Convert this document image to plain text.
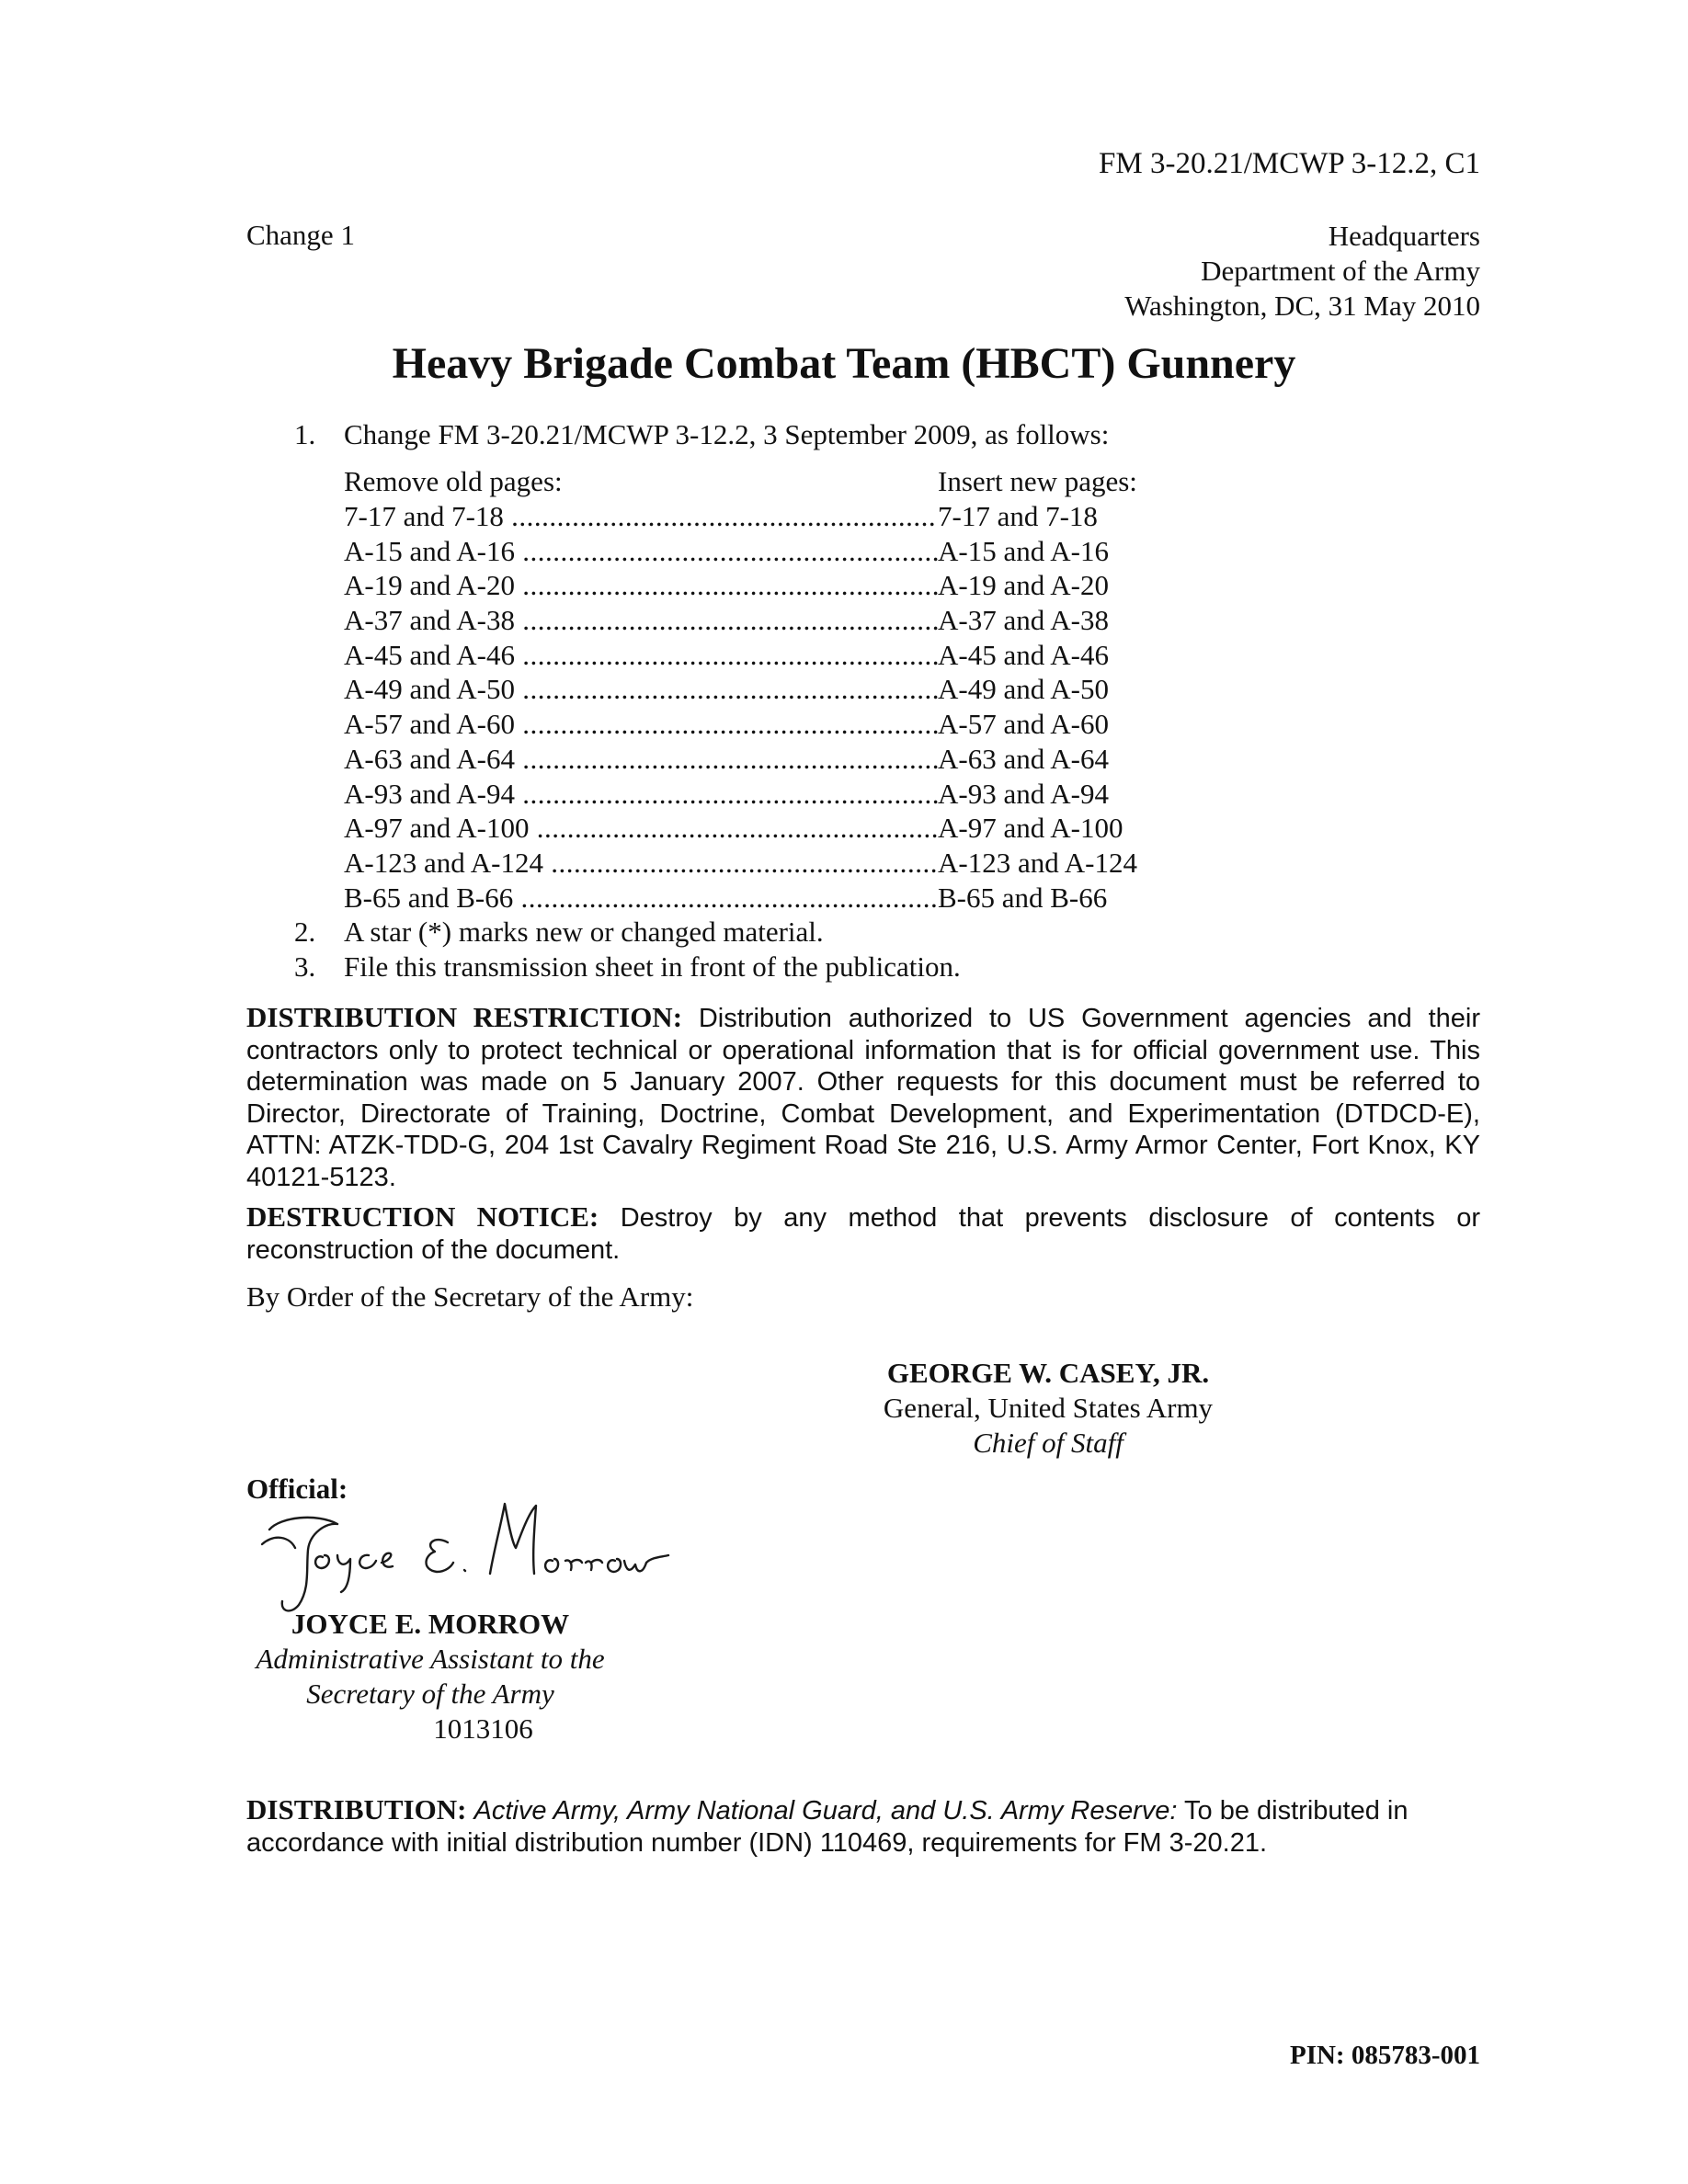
FM 3-20.21/MCWP 3-12.2, C1
Change 1	Headquarters
Department of the Army
Washington, DC, 31 May 2010
Heavy Brigade Combat Team (HBCT) Gunnery
1. Change FM 3-20.21/MCWP 3-12.2, 3 September 2009, as follows:
Remove old pages:	Insert new pages:
7-17 and 7-18 .....	7-17 and 7-18
A-15 and A-16 .....	A-15 and A-16
A-19 and A-20 .....	A-19 and A-20
A-37 and A-38 .....	A-37 and A-38
A-45 and A-46 .....	A-45 and A-46
A-49 and A-50 .....	A-49 and A-50
A-57 and A-60 .....	A-57 and A-60
A-63 and A-64 .....	A-63 and A-64
A-93 and A-94 .....	A-93 and A-94
A-97 and A-100 .....	A-97 and A-100
A-123 and A-124 .....	A-123 and A-124
B-65 and B-66 .....	B-65 and B-66
2. A star (*) marks new or changed material.
3. File this transmission sheet in front of the publication.
DISTRIBUTION RESTRICTION: Distribution authorized to US Government agencies and their contractors only to protect technical or operational information that is for official government use. This determination was made on 5 January 2007. Other requests for this document must be referred to Director, Directorate of Training, Doctrine, Combat Development, and Experimentation (DTDCD-E), ATTN: ATZK-TDD-G, 204 1st Cavalry Regiment Road Ste 216, U.S. Army Armor Center, Fort Knox, KY 40121-5123.
DESTRUCTION NOTICE: Destroy by any method that prevents disclosure of contents or reconstruction of the document.
By Order of the Secretary of the Army:
GEORGE W. CASEY, JR.
General, United States Army
Chief of Staff
Official:
JOYCE E. MORROW
Administrative Assistant to the
Secretary of the Army
1013106
DISTRIBUTION: Active Army, Army National Guard, and U.S. Army Reserve: To be distributed in accordance with initial distribution number (IDN) 110469, requirements for FM 3-20.21.
PIN: 085783-001
